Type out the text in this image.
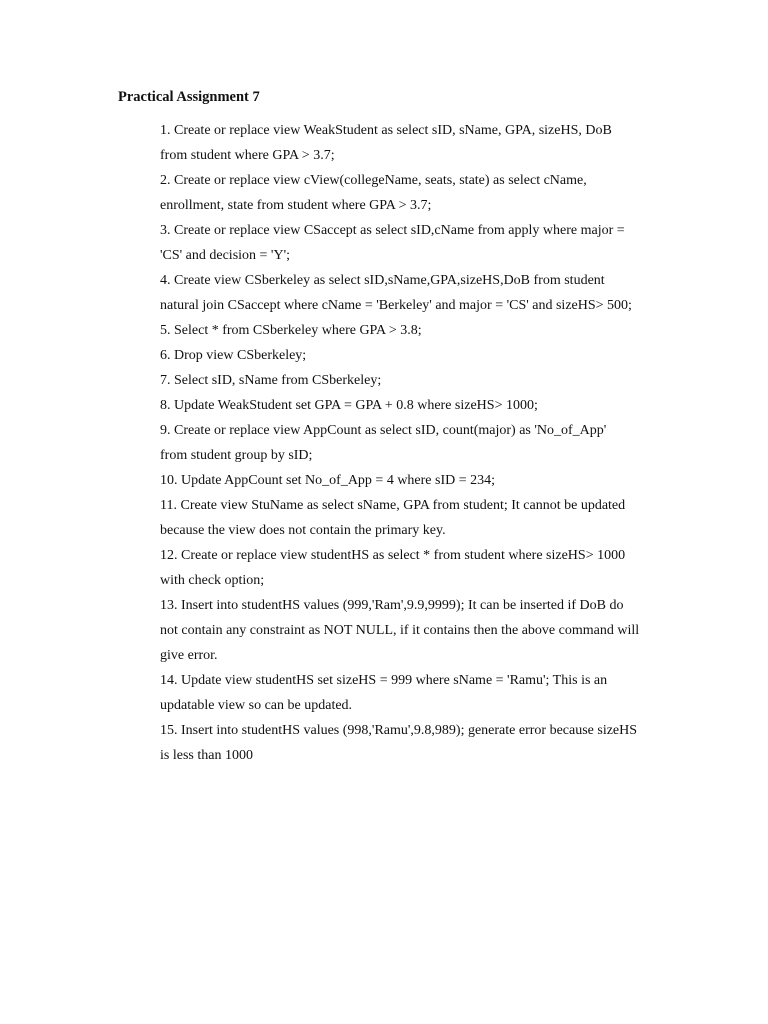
Practical Assignment 7
1. Create or replace view WeakStudent as select sID, sName, GPA, sizeHS, DoB
from student where GPA > 3.7;
2. Create or replace view cView(collegeName, seats, state) as select cName,
enrollment, state from student where GPA > 3.7;
3. Create or replace view CSaccept as select sID,cName from apply where major =
'CS' and decision = 'Y';
4. Create view CSberkeley as select sID,sName,GPA,sizeHS,DoB from student
natural join CSaccept where cName = 'Berkeley' and major = 'CS' and sizeHS> 500;
5. Select * from CSberkeley where GPA > 3.8;
6. Drop view CSberkeley;
7. Select sID, sName from CSberkeley;
8. Update WeakStudent set GPA = GPA + 0.8 where sizeHS> 1000;
9. Create or replace view AppCount as select sID, count(major) as 'No_of_App'
from student group by sID;
10. Update AppCount set No_of_App = 4 where sID = 234;
11. Create view StuName as select sName, GPA from student; It cannot be updated
because the view does not contain the primary key.
12. Create or replace view studentHS as select * from student where sizeHS> 1000
with check option;
13. Insert into studentHS values (999,'Ram',9.9,9999); It can be inserted if DoB do
not contain any constraint as NOT NULL, if it contains then the above command will
give error.
14. Update view studentHS set sizeHS = 999 where sName = 'Ramu'; This is an
updatable view so can be updated.
15. Insert into studentHS values (998,'Ramu',9.8,989); generate error because sizeHS
is less than 1000
